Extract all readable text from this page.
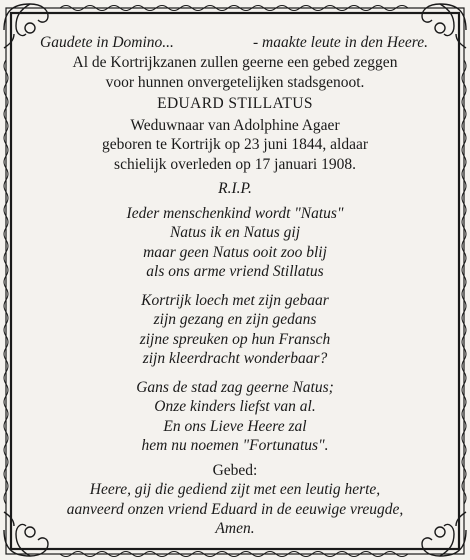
Gaudete in Domino...	- maakte leute in den Heere.
Al de Kortrijkzanen zullen geerne een gebed zeggen
voor hunnen onvergetelijken stadsgenoot.
EDUARD STILLATUS
Weduwnaar van Adolphine Agaer
geboren te Kortrijk op 23 juni 1844, aldaar
schielijk overleden op 17 januari 1908.
R.I.P.
Ieder menschenkind wordt "Natus"
Natus ik en Natus gij
maar geen Natus ooit zoo blij
als ons arme vriend Stillatus
Kortrijk loech met zijn gebaar
zijn gezang en zijn gedans
zijne spreuken op hun Fransch
zijn kleerdracht wonderbaar?
Gans de stad zag geerne Natus;
Onze kinders liefst van al.
En ons Lieve Heere zal
hem nu noemen "Fortunatus".
Gebed:
Heere, gij die gediend zijt met een leutig herte,
aanveerd onzen vriend Eduard in de eeuwige vreugde,
Amen.
